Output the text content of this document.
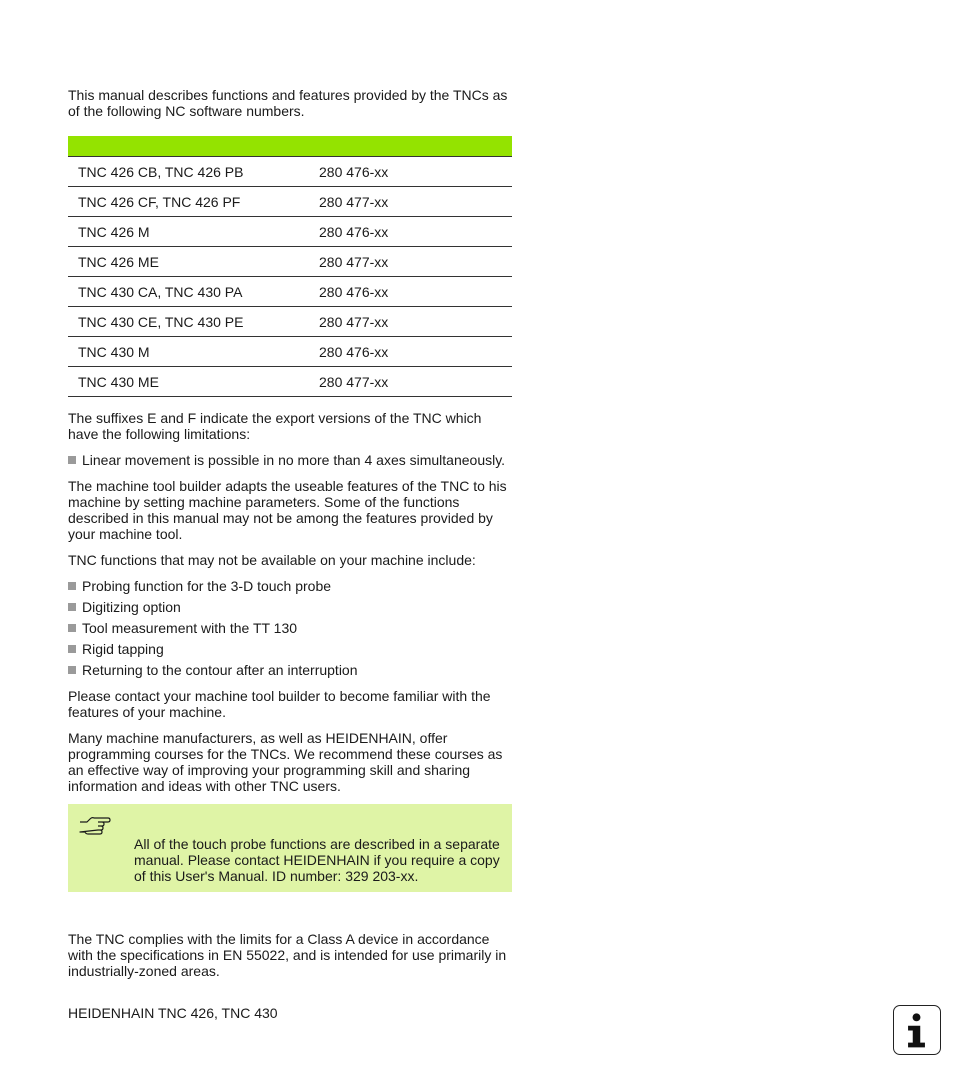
This manual describes functions and features provided by the TNCs as of the following NC software numbers.

TNC 426 CB, TNC 426 PB	280 476-xx
TNC 426 CF, TNC 426 PF	280 477-xx
TNC 426 M	280 476-xx
TNC 426 ME	280 477-xx
TNC 430 CA, TNC 430 PA	280 476-xx
TNC 430 CE, TNC 430 PE	280 477-xx
TNC 430 M	280 476-xx
TNC 430 ME	280 477-xx

The suffixes E and F indicate the export versions of the TNC which have the following limitations:

Linear movement is possible in no more than 4 axes simultaneously.

The machine tool builder adapts the useable features of the TNC to his machine by setting machine parameters. Some of the functions described in this manual may not be among the features provided by your machine tool.

TNC functions that may not be available on your machine include:

Probing function for the 3-D touch probe
Digitizing option
Tool measurement with the TT 130
Rigid tapping
Returning to the contour after an interruption

Please contact your machine tool builder to become familiar with the features of your machine.

Many machine manufacturers, as well as HEIDENHAIN, offer programming courses for the TNCs. We recommend these courses as an effective way of improving your programming skill and sharing information and ideas with other TNC users.

All of the touch probe functions are described in a separate manual. Please contact HEIDENHAIN if you require a copy of this User's Manual. ID number: 329 203-xx.

The TNC complies with the limits for a Class A device in accordance with the specifications in EN 55022, and is intended for use primarily in industrially-zoned areas.

HEIDENHAIN TNC 426, TNC 430
